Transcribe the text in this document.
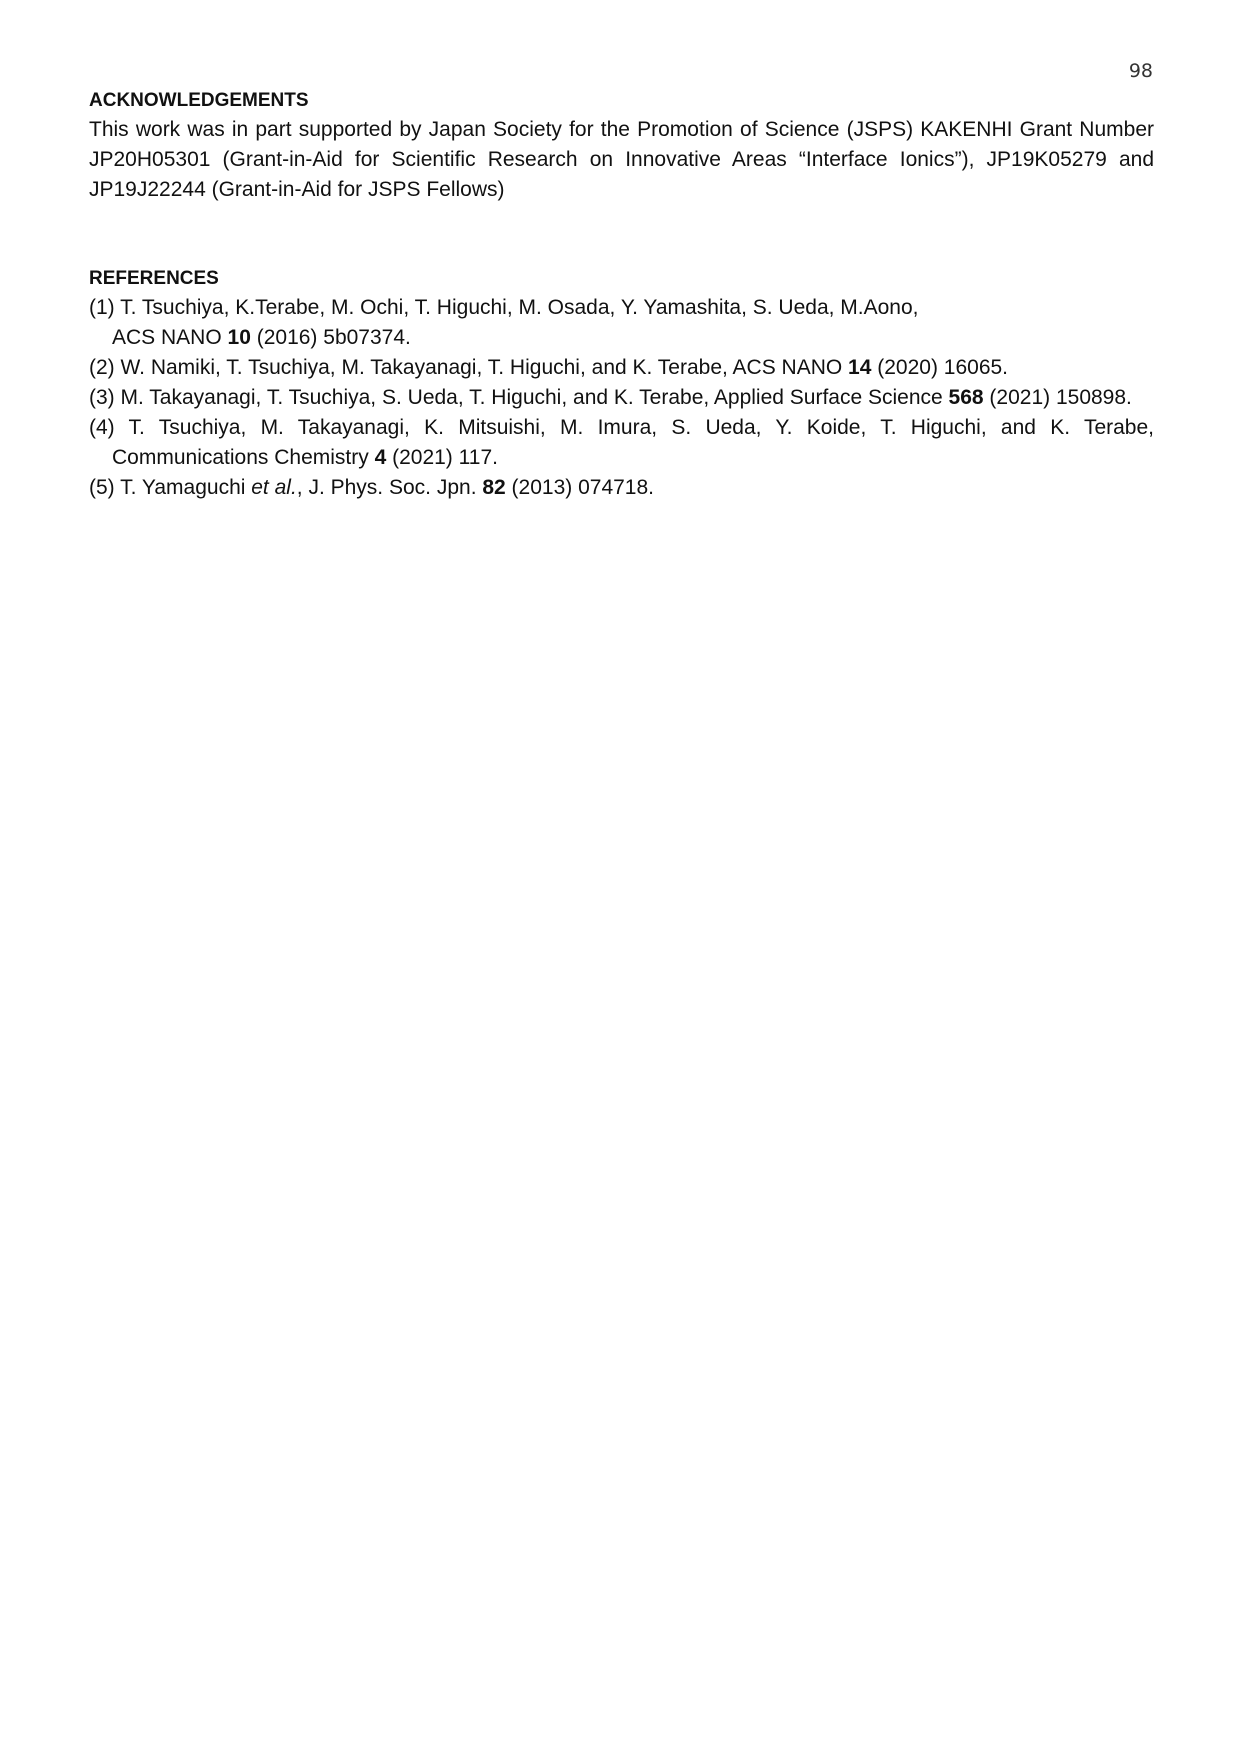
98
ACKNOWLEDGEMENTS

This work was in part supported by Japan Society for the Promotion of Science (JSPS) KAKENHI Grant Number JP20H05301 (Grant-in-Aid for Scientific Research on Innovative Areas “Interface Ionics”), JP19K05279 and JP19J22244 (Grant-in-Aid for JSPS Fellows)

REFERENCES
(1) T. Tsuchiya, K.Terabe, M. Ochi, T. Higuchi, M. Osada, Y. Yamashita, S. Ueda, M.Aono,
ACS NANO 10 (2016) 5b07374.
(2) W. Namiki, T. Tsuchiya, M. Takayanagi, T. Higuchi, and K. Terabe, ACS NANO 14 (2020) 16065.
(3) M. Takayanagi, T. Tsuchiya, S. Ueda, T. Higuchi, and K. Terabe, Applied Surface Science 568 (2021) 150898.
(4) T. Tsuchiya, M. Takayanagi, K. Mitsuishi, M. Imura, S. Ueda, Y. Koide, T. Higuchi, and K. Terabe, Communications Chemistry 4 (2021) 117.
(5) T. Yamaguchi et al., J. Phys. Soc. Jpn. 82 (2013) 074718.
